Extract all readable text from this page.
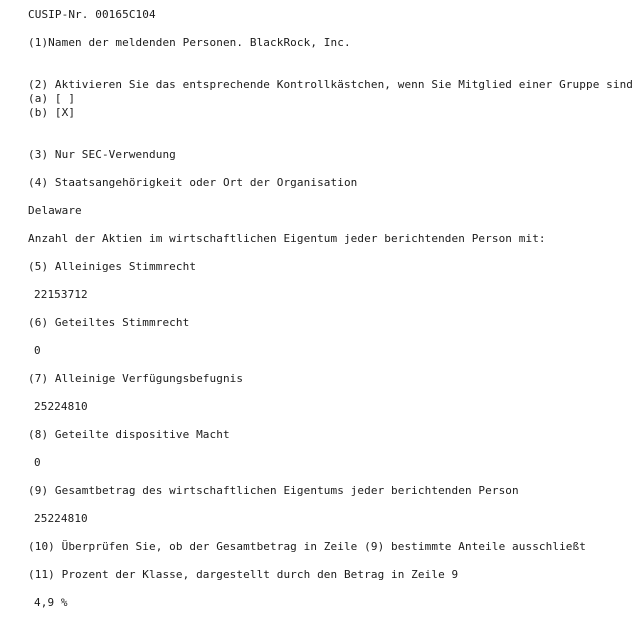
CUSIP-Nr. 00165C104
(1)Namen der meldenden Personen. BlackRock, Inc.
(2) Aktivieren Sie das entsprechende Kontrollkästchen, wenn Sie Mitglied einer Gruppe sind
(a) [ ]
(b) [X]
(3) Nur SEC-Verwendung
(4) Staatsangehörigkeit oder Ort der Organisation
Delaware
Anzahl der Aktien im wirtschaftlichen Eigentum jeder berichtenden Person mit:
(5) Alleiniges Stimmrecht
22153712
(6) Geteiltes Stimmrecht
0
(7) Alleinige Verfügungsbefugnis
25224810
(8) Geteilte dispositive Macht
0
(9) Gesamtbetrag des wirtschaftlichen Eigentums jeder berichtenden Person
25224810
(10) Überprüfen Sie, ob der Gesamtbetrag in Zeile (9) bestimmte Anteile ausschließt
(11) Prozent der Klasse, dargestellt durch den Betrag in Zeile 9
4,9 %
